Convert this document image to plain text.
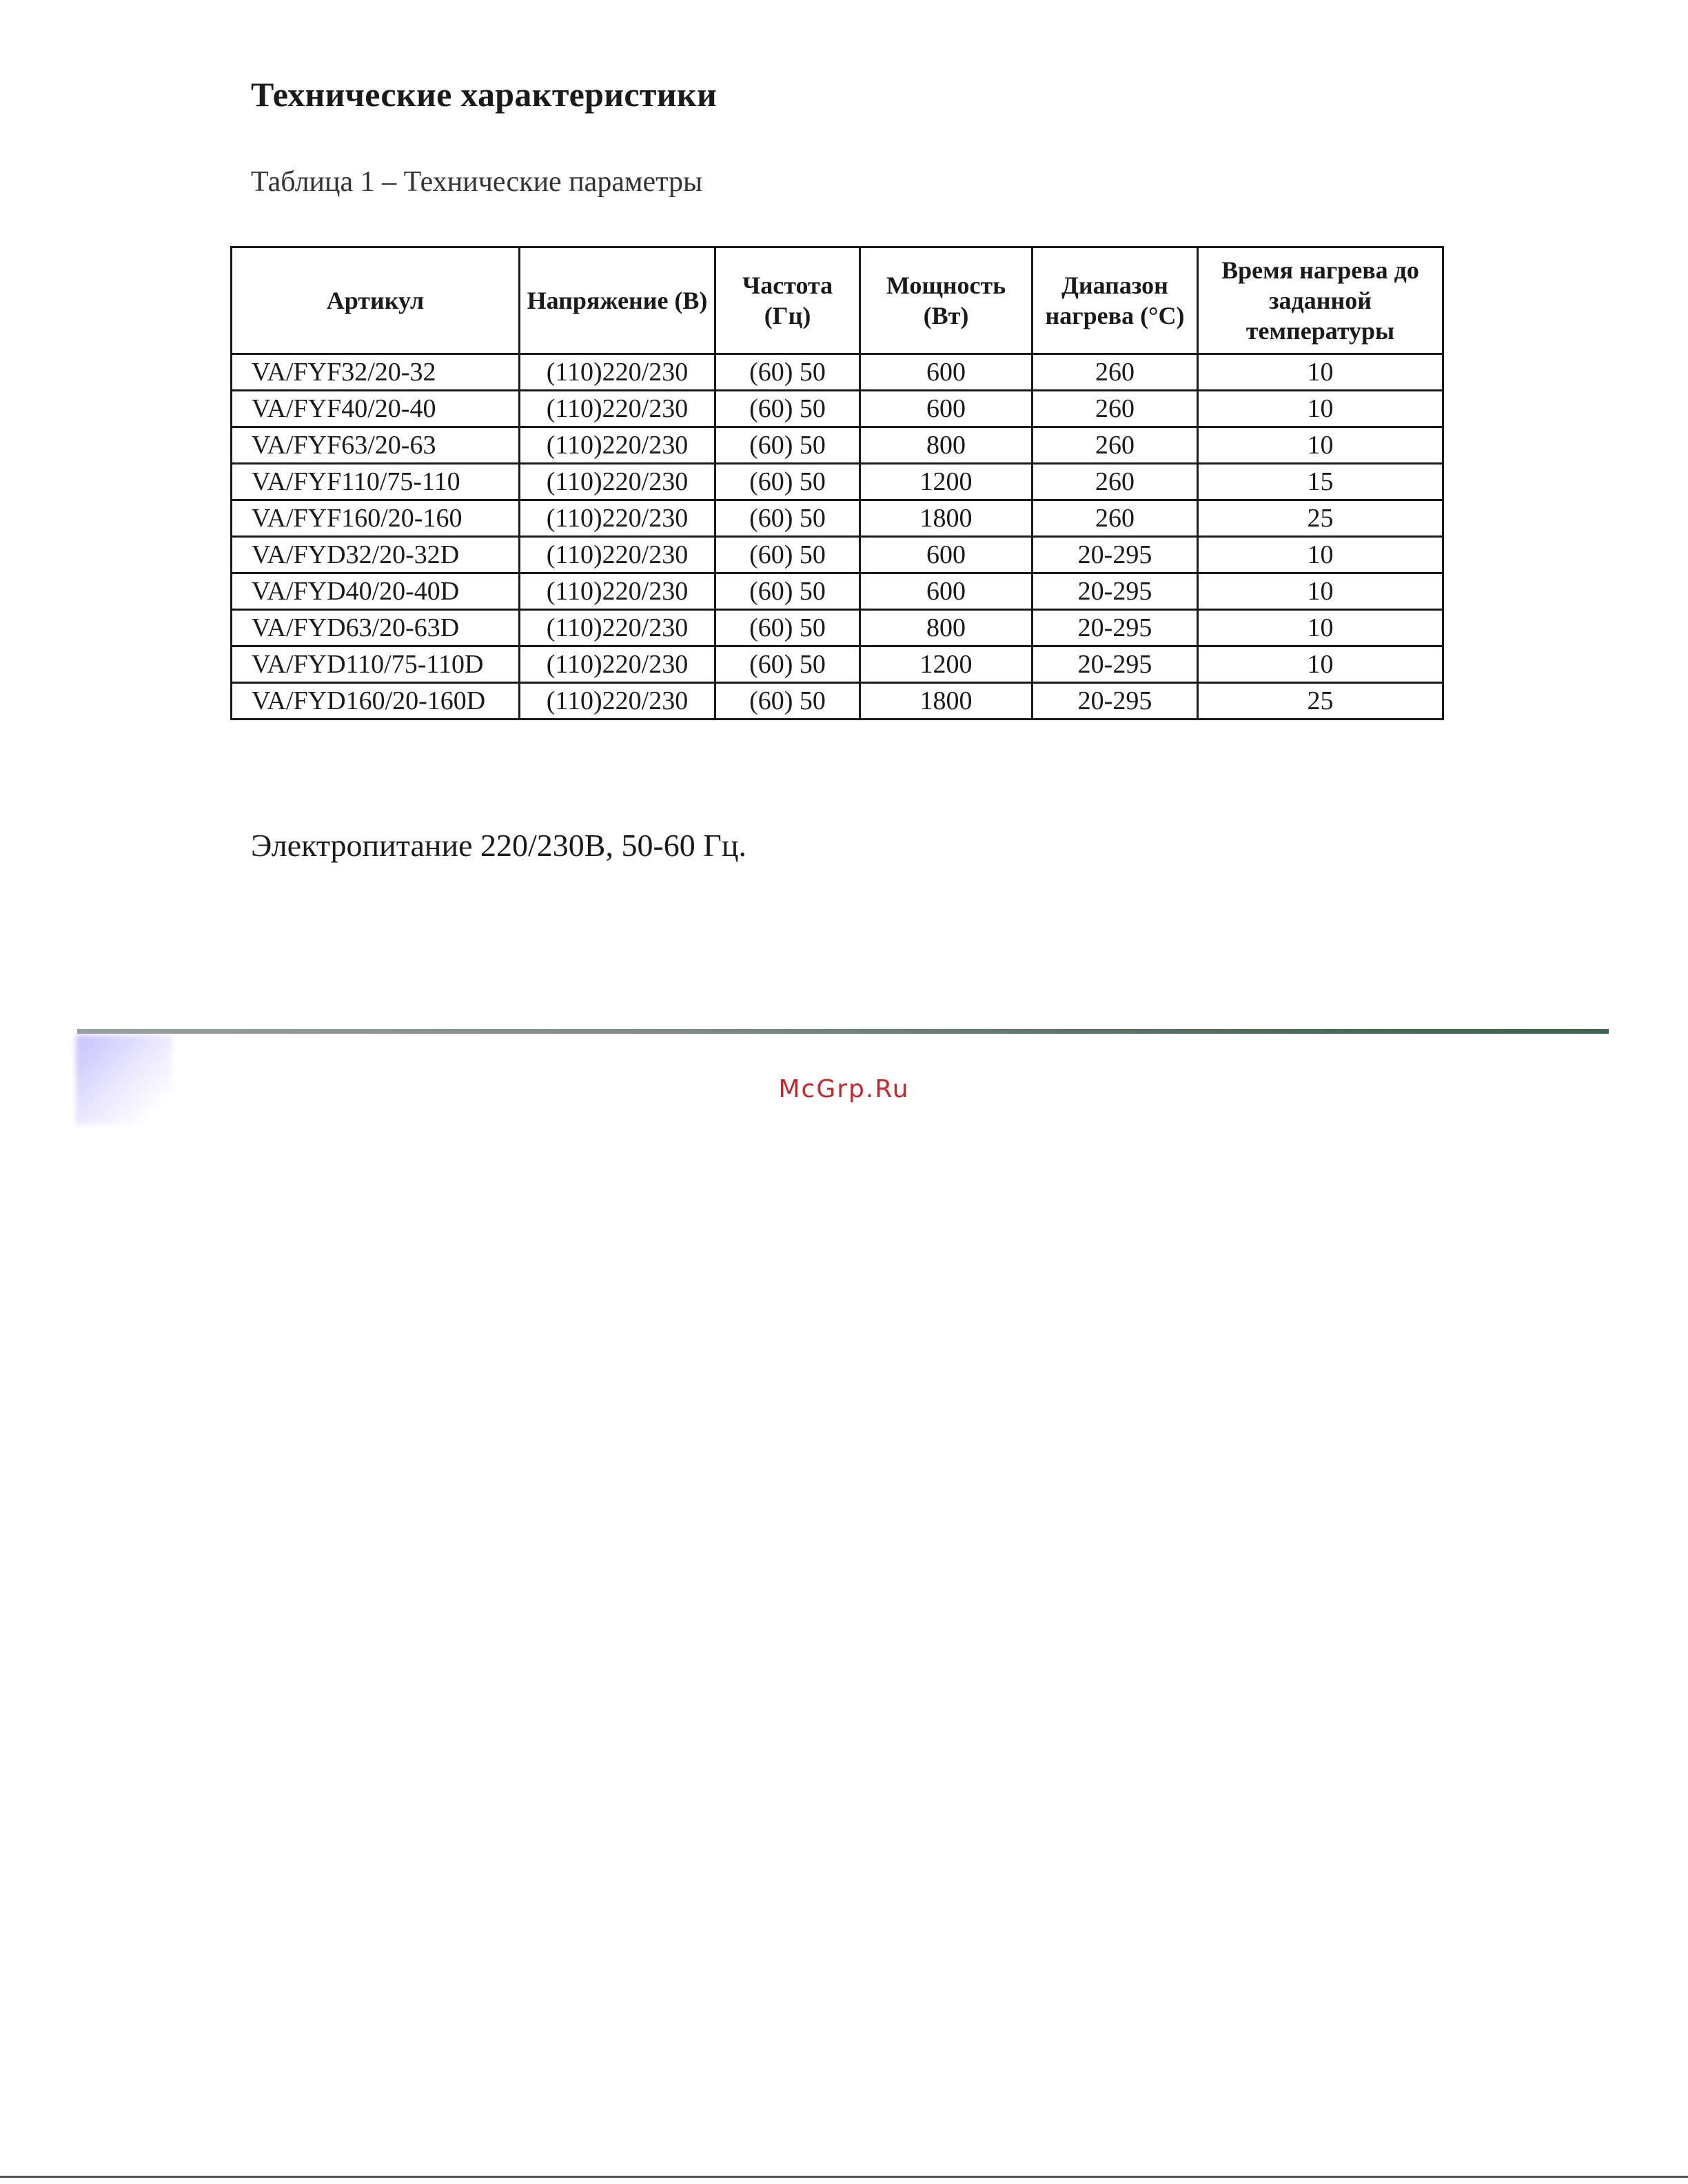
Технические характеристики
Таблица 1 – Технические параметры
Артикул	Напряжение (В)	Частота (Гц)	Мощность (Вт)	Диапазон нагрева (°С)	Время нагрева до заданной температуры
VA/FYF32/20-32	(110)220/230	(60) 50	600	260	10
VA/FYF40/20-40	(110)220/230	(60) 50	600	260	10
VA/FYF63/20-63	(110)220/230	(60) 50	800	260	10
VA/FYF110/75-110	(110)220/230	(60) 50	1200	260	15
VA/FYF160/20-160	(110)220/230	(60) 50	1800	260	25
VA/FYD32/20-32D	(110)220/230	(60) 50	600	20-295	10
VA/FYD40/20-40D	(110)220/230	(60) 50	600	20-295	10
VA/FYD63/20-63D	(110)220/230	(60) 50	800	20-295	10
VA/FYD110/75-110D	(110)220/230	(60) 50	1200	20-295	10
VA/FYD160/20-160D	(110)220/230	(60) 50	1800	20-295	25
Электропитание 220/230В, 50-60 Гц.
McGrp.Ru
